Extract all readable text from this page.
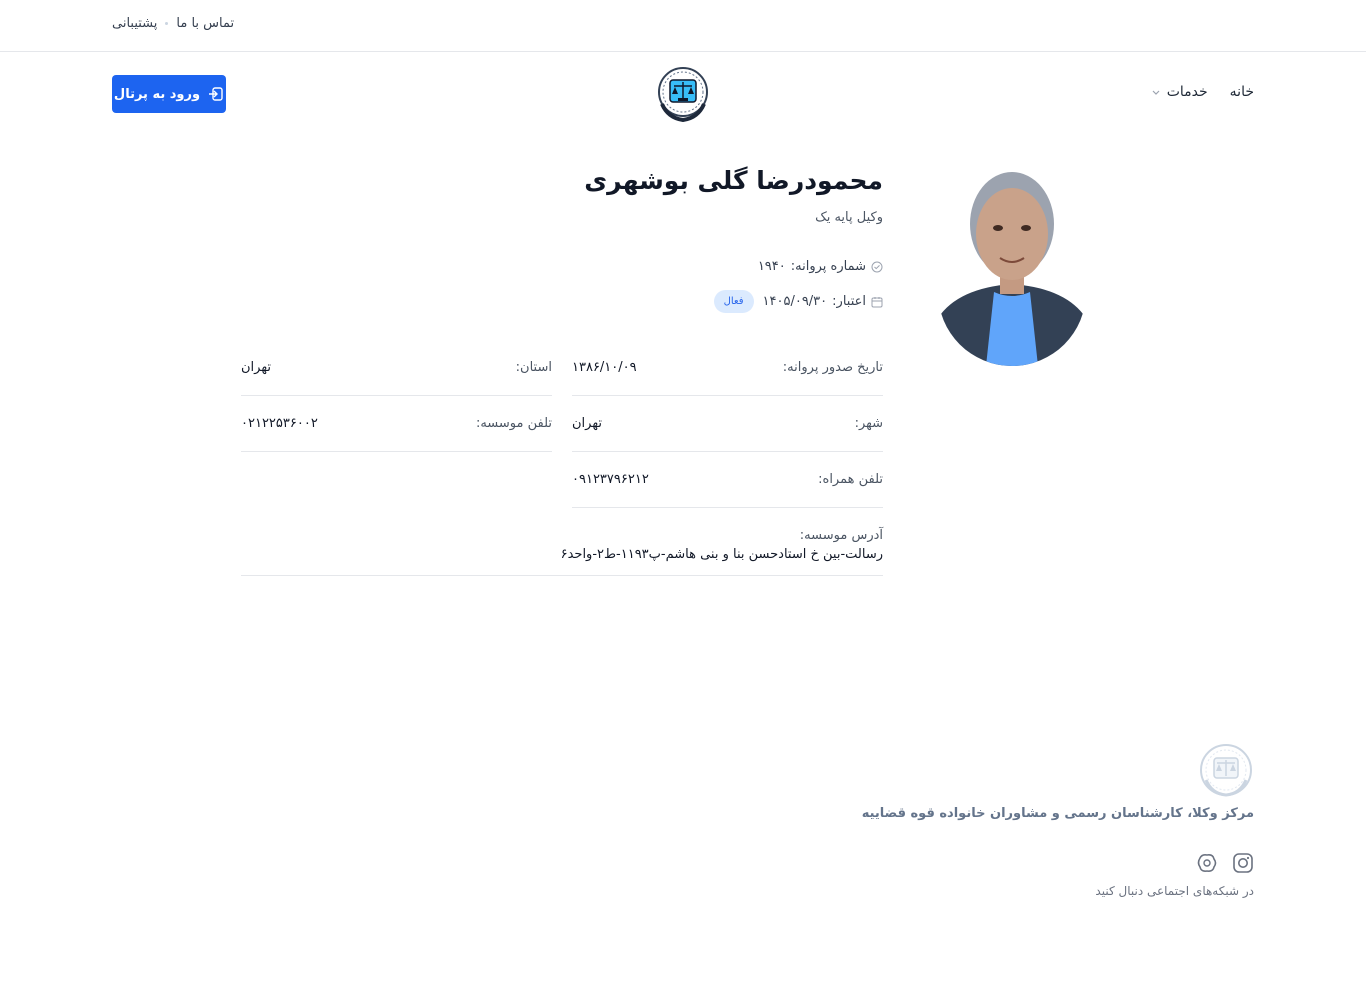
پشتیبانی تماس با ما
خانه
خدمات
ورود به پرتال
محمودرضا گلی بوشهری
وکیل پایه یک
شماره پروانه:
۱۹۴۰
اعتبار:
۱۴۰۵/۰۹/۳۰
فعال
تاریخ صدور پروانه:
۱۳۸۶/۱۰/۰۹
استان:
تهران
شهر:
تهران
تلفن موسسه:
۰۲۱۲۲۵۳۶۰۰۲
تلفن همراه:
۰۹۱۲۳۷۹۶۲۱۲
آدرس موسسه:
رسالت-بین خ استادحسن بنا و بنی هاشم-پ۱۱۹۳-ط۲-واحد۶
مرکز وکلا، کارشناسان رسمی و مشاوران خانواده قوه قضاییه
در شبکه‌های اجتماعی دنبال کنید
